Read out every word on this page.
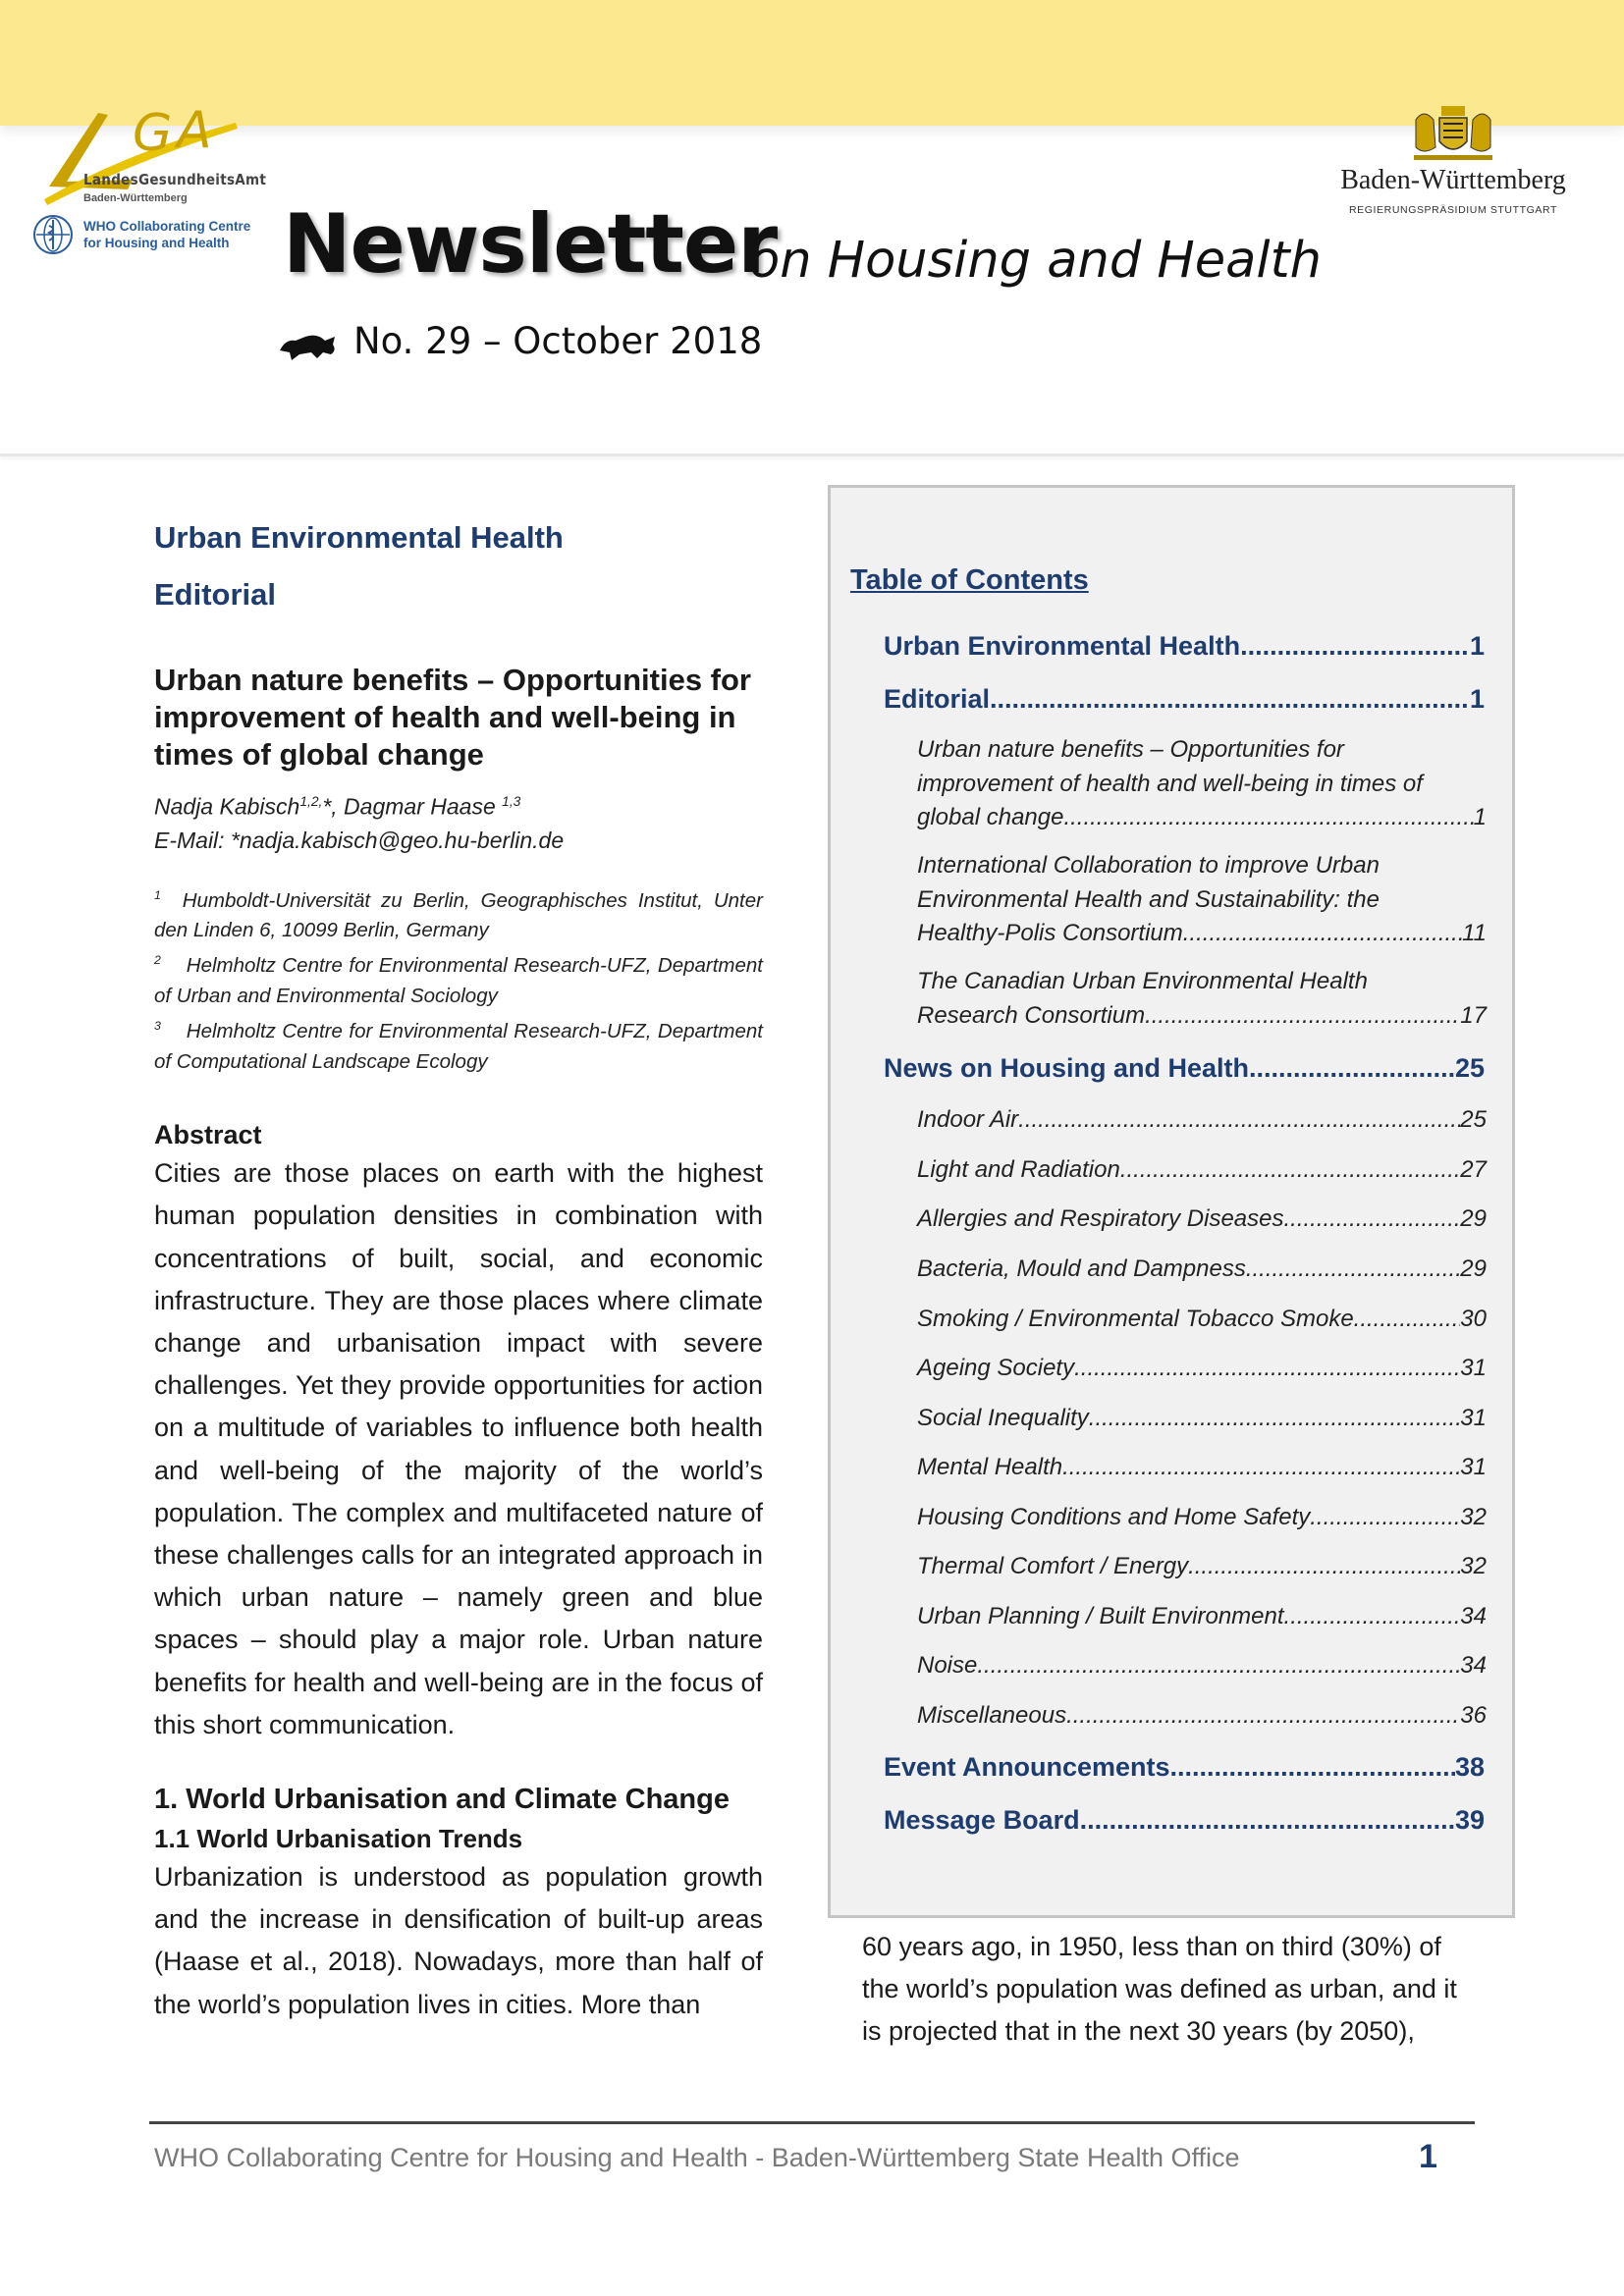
G A
LandesGesundheitsAmt
Baden-Württemberg
WHO Collaborating Centre for Housing and Health
Baden-Württemberg
REGIERUNGSPRÄSIDIUM STUTTGART
Newsletter
on Housing and Health
No. 29 – October 2018
Urban Environmental Health
Editorial
Urban nature benefits – Opportunities for improvement of health and well-being in times of global change
Nadja Kabisch$^{1,2,}$*, Dagmar Haase $^{1,3}$
E-Mail: *nadja.kabisch@geo.hu-berlin.de
$^1$ Humboldt-Universität zu Berlin, Geographisches Institut, Unter den Linden 6, 10099 Berlin, Germany
$^2$ Helmholtz Centre for Environmental Research-UFZ, Department of Urban and Environmental Sociology
$^3$ Helmholtz Centre for Environmental Research-UFZ, Department of Computational Landscape Ecology
Abstract
Cities are those places on earth with the highest human population densities in combination with concentrations of built, social, and economic infrastructure. They are those places where climate change and urbanisation impact with severe challenges. Yet they provide opportunities for action on a multitude of variables to influence both health and well-being of the majority of the world’s population. The complex and multifaceted nature of these challenges calls for an integrated approach in which urban nature – namely green and blue spaces – should play a major role. Urban nature benefits for health and well-being are in the focus of this short communication.
1. World Urbanisation and Climate Change
1.1 World Urbanisation Trends
Urbanization is understood as population growth and the increase in densification of built-up areas (Haase et al., 2018). Nowadays, more than half of the world’s population lives in cities. More than
Table of Contents
Urban Environmental Health .....	1
Editorial .....	1
Urban nature benefits – Opportunities for
improvement of health and well-being in times of
global change .....	1
International Collaboration to improve Urban
Environmental Health and Sustainability: the
Healthy-Polis Consortium .....	11
The Canadian Urban Environmental Health
Research Consortium .....	17
News on Housing and Health .....	25
Indoor Air .....	25
Light and Radiation .....	27
Allergies and Respiratory Diseases .....	29
Bacteria, Mould and Dampness .....	29
Smoking / Environmental Tobacco Smoke .....	30
Ageing Society .....	31
Social Inequality .....	31
Mental Health .....	31
Housing Conditions and Home Safety .....	32
Thermal Comfort / Energy .....	32
Urban Planning / Built Environment .....	34
Noise .....	34
Miscellaneous .....	36
Event Announcements .....	38
Message Board .....	39
60 years ago, in 1950, less than on third (30%) of the world’s population was defined as urban, and it is projected that in the next 30 years (by 2050),
WHO Collaborating Centre for Housing and Health - Baden-Württemberg State Health Office	1
